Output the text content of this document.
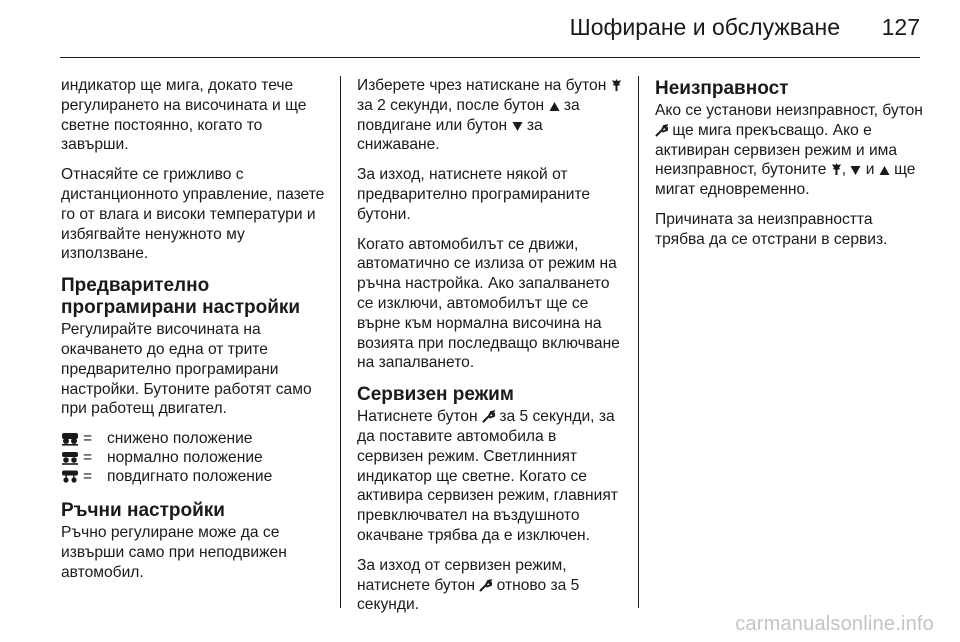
Шофиране и обслужване 127

индикатор ще мига, докато тече регулирането на височината и ще светне постоянно, когато то завърши.

Отнасяйте се грижливо с дистанционното управление, пазете го от влага и високи температури и избягвайте ненужното му използване.

Предварително програмирани настройки

Регулирайте височината на окачването до една от трите предварително програмирани настройки. Бутоните работят само при работещ двигател.

= снижено положение
= нормално положение
= повдигнато положение
Ръчни настройки

Ръчно регулиране може да се извърши само при неподвижен автомобил.

Изберете чрез натискане на бутон
за 2 секунди, после бутон за повдигане или бутон за снижаване.

За изход, натиснете някой от предварително програмираните бутони.

Когато автомобилът се движи, автоматично се излиза от режим на ръчна настройка. Ако запалването се изключи, автомобилът ще се върне към нормална височина на возията при последващо включване на запалването.

Сервизен режим

Натиснете бутон за 5 секунди, за да поставите автомобила в сервизен режим. Светлинният индикатор ще светне. Когато се активира сервизен режим, главният превключвател на въздушното окачване трябва да е изключен.

За изход от сервизен режим, натиснете бутон отново за 5 секунди.

Неизправност

Ако се установи неизправност, бутон
ще мига прекъсващо. Ако е активиран сервизен режим и има неизправност, бутоните , и ще мигат едновременно.

Причината за неизправността трябва да се отстрани в сервиз.

carmanualsonline.info
